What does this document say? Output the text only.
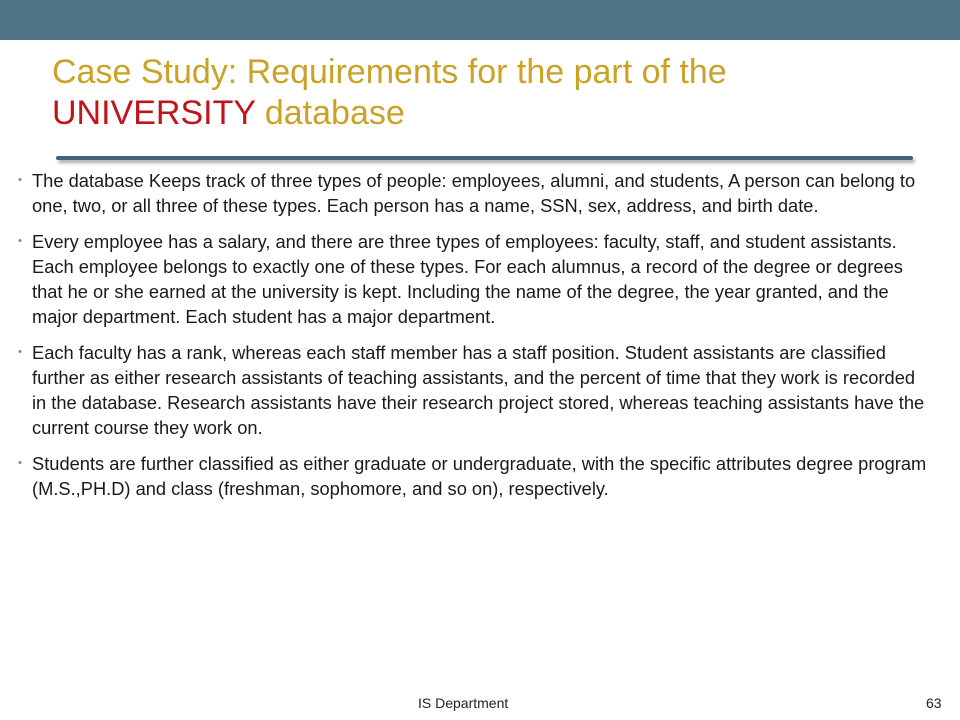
Case Study: Requirements for the part of the UNIVERSITY database
• The database Keeps track of three types of people: employees, alumni, and students, A person can belong to one, two, or all three of these types. Each person has a name, SSN, sex, address, and birth date.
• Every employee has a salary, and there are three types of employees: faculty, staff, and student assistants. Each employee belongs to exactly one of these types. For each alumnus, a record of the degree or degrees that he or she earned at the university is kept. Including the name of the degree, the year granted, and the major department. Each student has a major department.
• Each faculty has a rank, whereas each staff member has a staff position. Student assistants are classified further as either research assistants of teaching assistants, and the percent of time that they work is recorded in the database. Research assistants have their research project stored, whereas teaching assistants have the current course they work on.
• Students are further classified as either graduate or undergraduate, with the specific attributes degree program (M.S.,PH.D) and class (freshman, sophomore, and so on), respectively.
IS Department	63
